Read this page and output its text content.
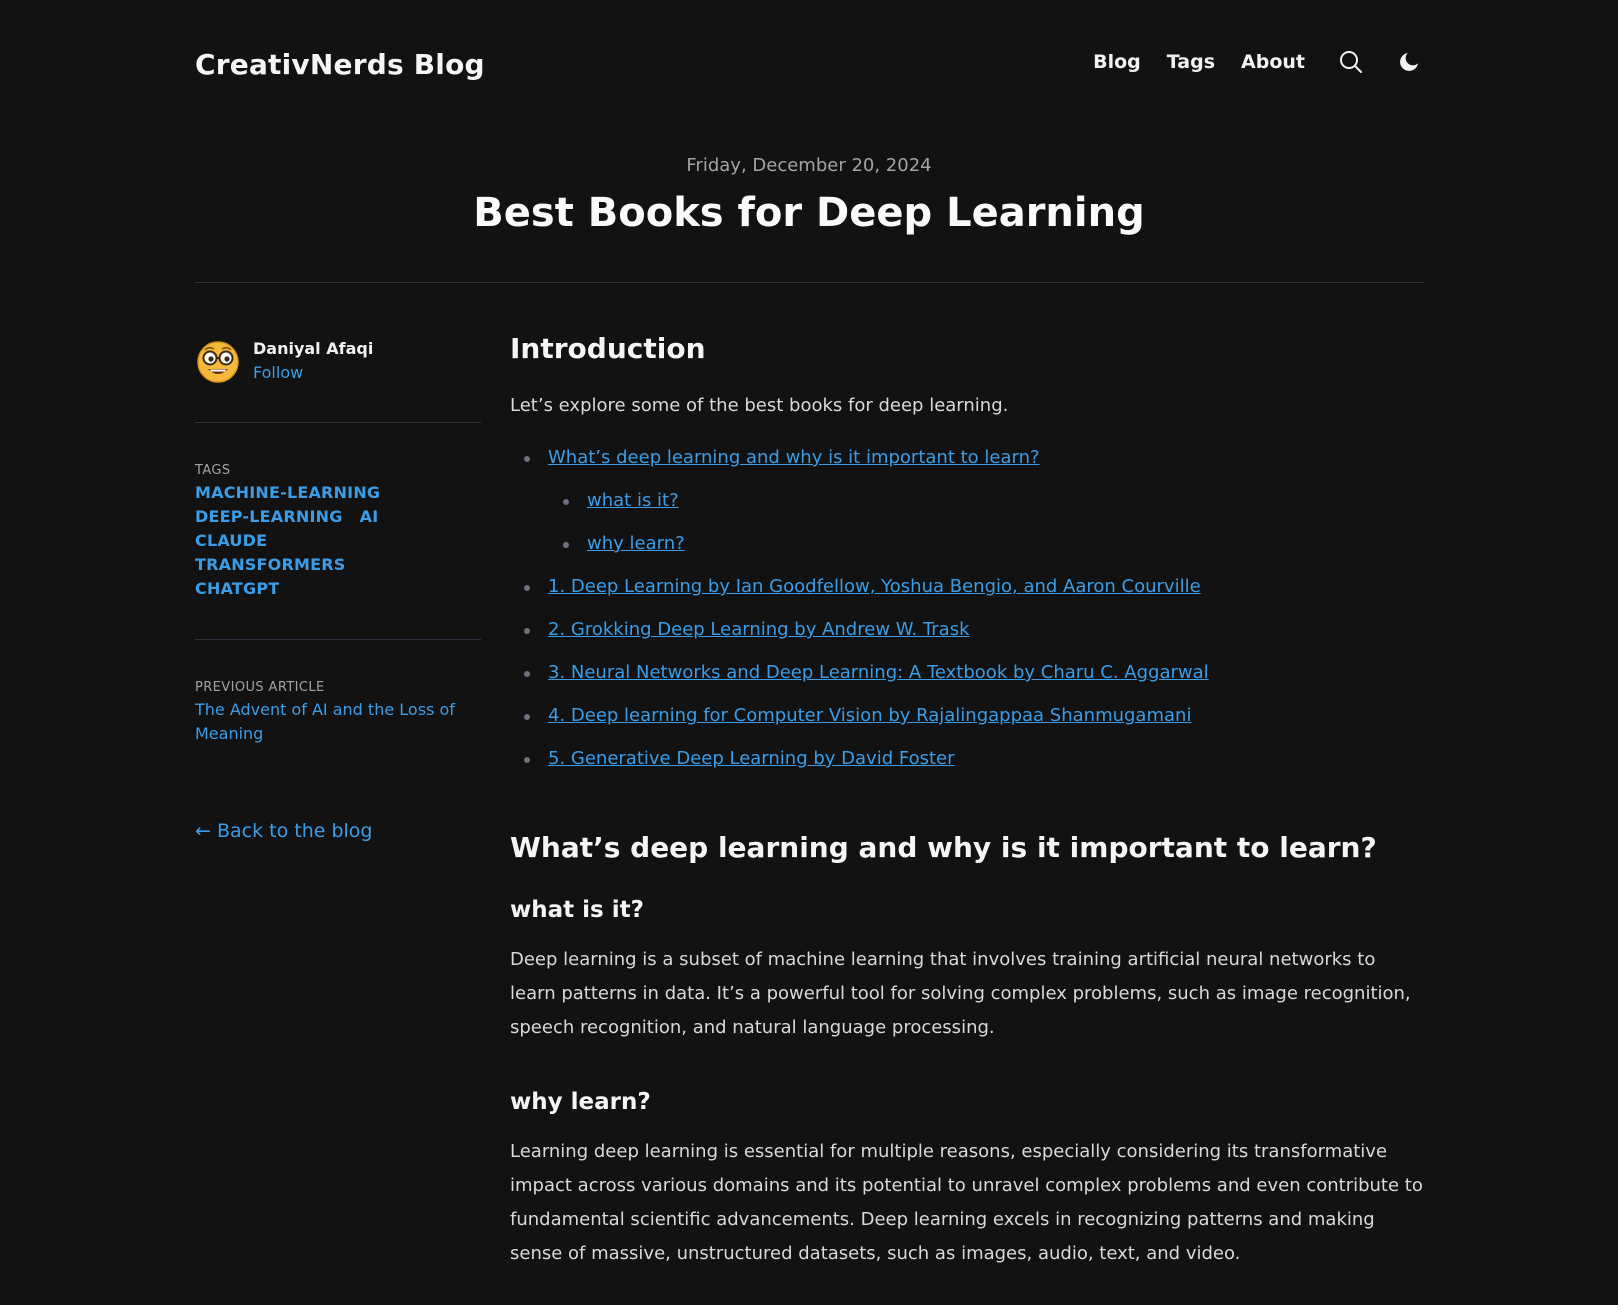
CreativNerds Blog	Blog Tags About
Friday, December 20, 2024
Best Books for Deep Learning
Daniyal Afaqi
Follow
TAGS
MACHINE-LEARNING DEEP-LEARNING AI CLAUDE TRANSFORMERS CHATGPT
PREVIOUS ARTICLE
The Advent of AI and the Loss of Meaning
← Back to the blog
Introduction
Let’s explore some of the best books for deep learning.
What’s deep learning and why is it important to learn?
what is it?
why learn?
1. Deep Learning by Ian Goodfellow, Yoshua Bengio, and Aaron Courville
2. Grokking Deep Learning by Andrew W. Trask
3. Neural Networks and Deep Learning: A Textbook by Charu C. Aggarwal
4. Deep learning for Computer Vision by Rajalingappaa Shanmugamani
5. Generative Deep Learning by David Foster
What’s deep learning and why is it important to learn?
what is it?

Deep learning is a subset of machine learning that involves training artificial neural networks to learn patterns in data. It’s a powerful tool for solving complex problems, such as image recognition, speech recognition, and natural language processing.

why learn?

Learning deep learning is essential for multiple reasons, especially considering its transformative impact across various domains and its potential to unravel complex problems and even contribute to fundamental scientific advancements. Deep learning excels in recognizing patterns and making sense of massive, unstructured datasets, such as images, audio, text, and video.
